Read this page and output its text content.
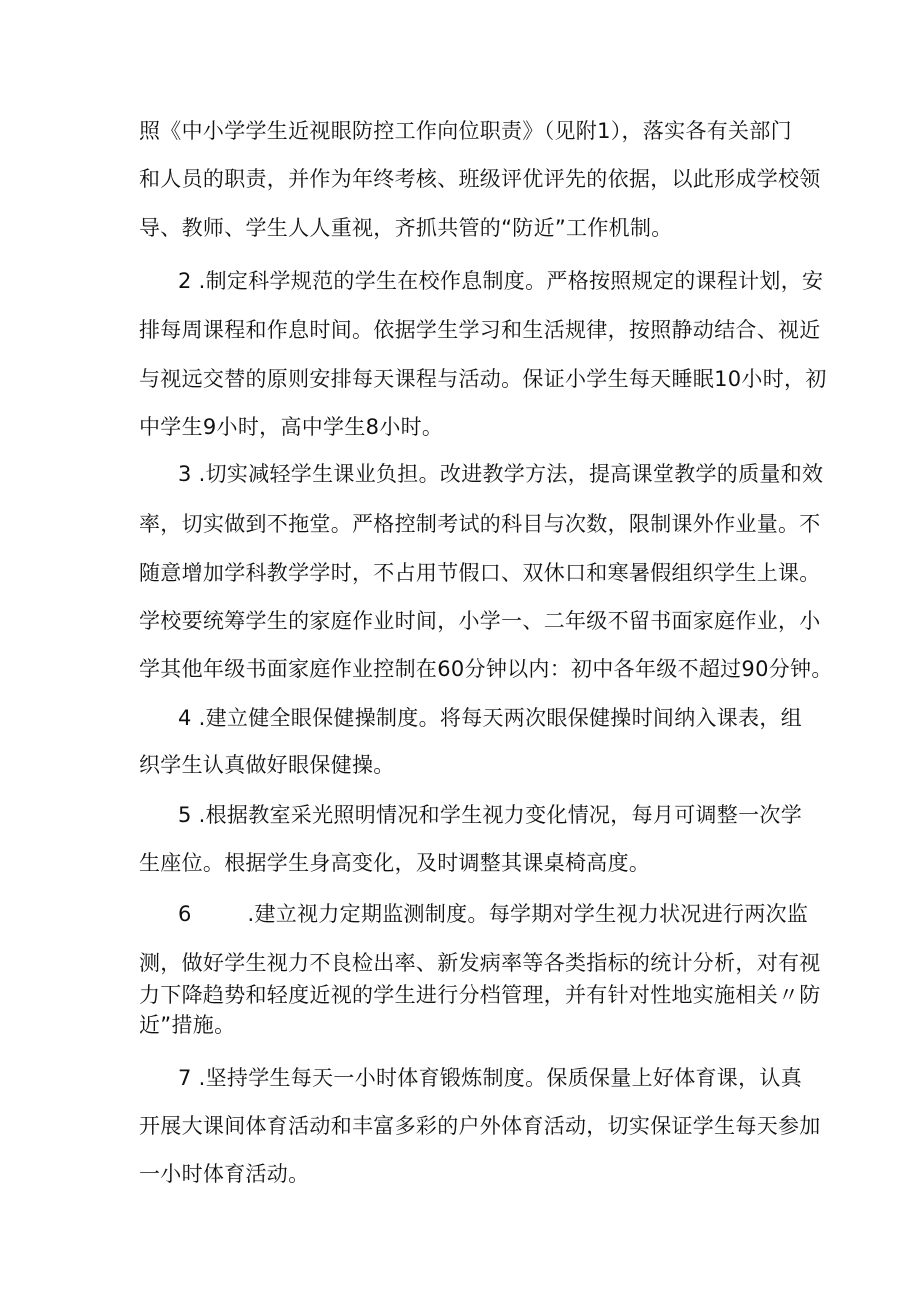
照《中小学学生近视眼防控工作向位职责》（见附1），落实各有关部门
和人员的职责，并作为年终考核、班级评优评先的依据，以此形成学校领
导、教师、学生人人重视，齐抓共管的“防近”工作机制。
2 .制定科学规范的学生在校作息制度。严格按照规定的课程计划，安
排每周课程和作息时间。依据学生学习和生活规律，按照静动结合、视近
与视远交替的原则安排每天课程与活动。保证小学生每天睡眠10小时，初
中学生9小时，高中学生8小时。
3 .切实减轻学生课业负担。改进教学方法，提高课堂教学的质量和效
率，切实做到不拖堂。严格控制考试的科目与次数，限制课外作业量。不
随意增加学科教学学时，不占用节假口、双休口和寒暑假组织学生上课。
学校要统筹学生的家庭作业时间，小学一、二年级不留书面家庭作业，小
学其他年级书面家庭作业控制在60分钟以内：初中各年级不超过90分钟。
4 .建立健全眼保健操制度。将每天两次眼保健操时间纳入课表，组
织学生认真做好眼保健操。
5 .根据教室采光照明情况和学生视力变化情况，每月可调整一次学
生座位。根据学生身高变化，及时调整其课桌椅高度。
6        .建立视力定期监测制度。每学期对学生视力状况进行两次监
测，做好学生视力不良检出率、新发病率等各类指标的统计分析，对有视
力下降趋势和轻度近视的学生进行分档管理，并有针对性地实施相关〃防
近”措施。
7 .坚持学生每天一小时体育锻炼制度。保质保量上好体育课，认真
开展大课间体育活动和丰富多彩的户外体育活动，切实保证学生每天参加
一小时体育活动。
